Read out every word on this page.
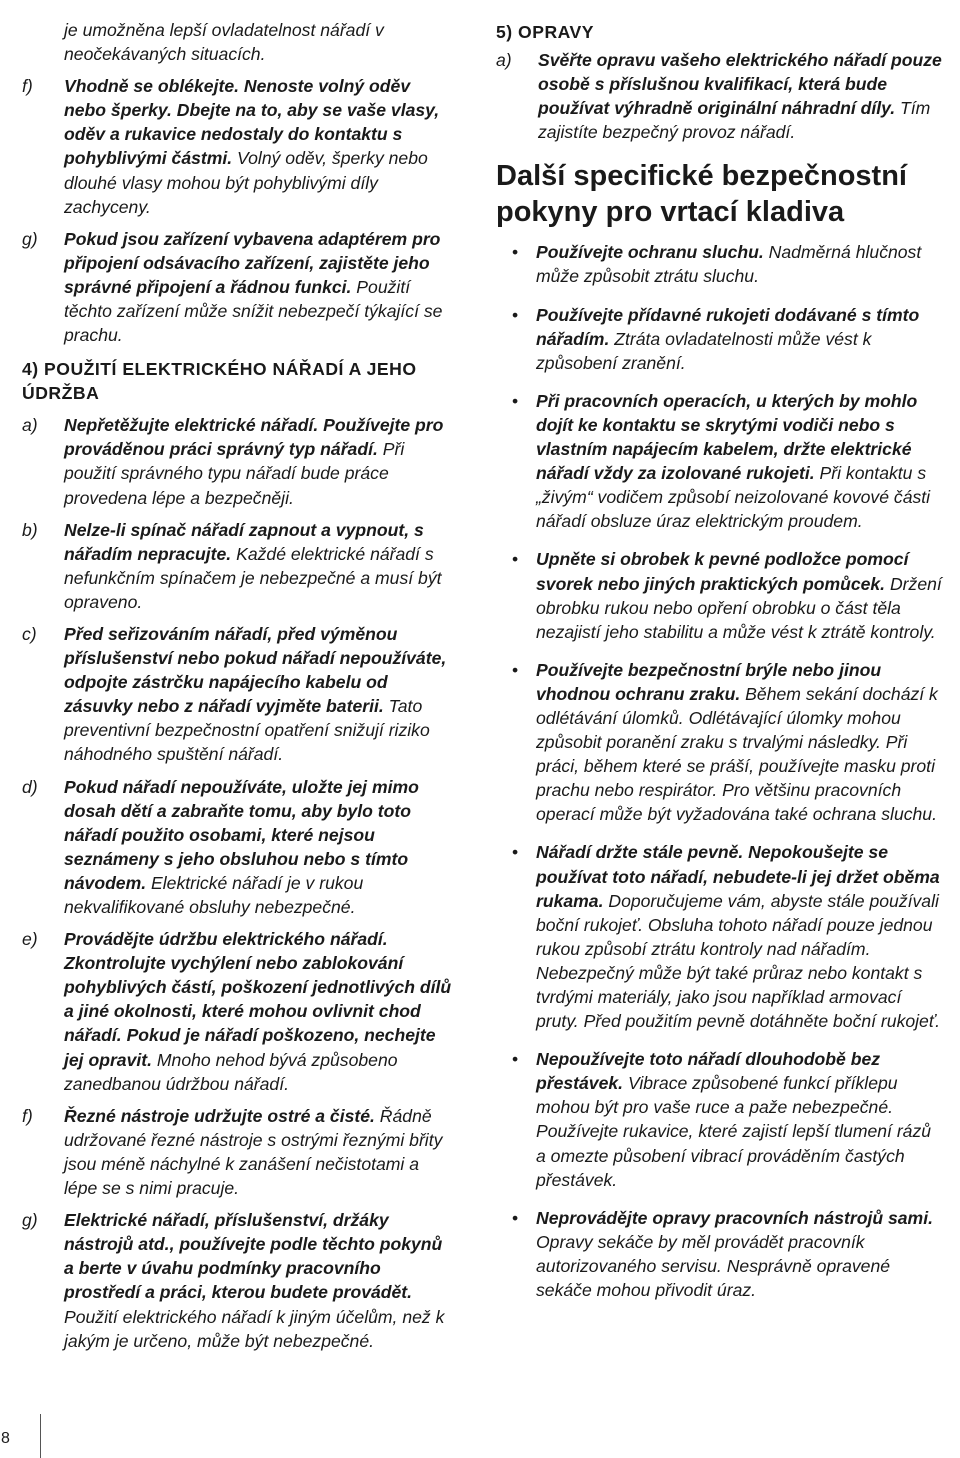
je umožněna lepší ovladatelnost nářadí v neočekávaných situacích.

f) Vhodně se oblékejte. Nenoste volný oděv nebo šperky. Dbejte na to, aby se vaše vlasy, oděv a rukavice nedostaly do kontaktu s pohyblivými částmi. Volný oděv, šperky nebo dlouhé vlasy mohou být pohyblivými díly zachyceny.

g) Pokud jsou zařízení vybavena adaptérem pro připojení odsávacího zařízení, zajistěte jeho správné připojení a řádnou funkci. Použití těchto zařízení může snížit nebezpečí týkající se prachu.

4) POUŽITÍ ELEKTRICKÉHO NÁŘADÍ A JEHO ÚDRŽBA

a) Nepřetěžujte elektrické nářadí. Používejte pro prováděnou práci správný typ nářadí. Při použití správného typu nářadí bude práce provedena lépe a bezpečněji.

b) Nelze-li spínač nářadí zapnout a vypnout, s nářadím nepracujte. Každé elektrické nářadí s nefunkčním spínačem je nebezpečné a musí být opraveno.

c) Před seřizováním nářadí, před výměnou příslušenství nebo pokud nářadí nepoužíváte, odpojte zástrčku napájecího kabelu od zásuvky nebo z nářadí vyjměte baterii. Tato preventivní bezpečnostní opatření snižují riziko náhodného spuštění nářadí.

d) Pokud nářadí nepoužíváte, uložte jej mimo dosah dětí a zabraňte tomu, aby bylo toto nářadí použito osobami, které nejsou seznámeny s jeho obsluhou nebo s tímto návodem. Elektrické nářadí je v rukou nekvalifikované obsluhy nebezpečné.

e) Provádějte údržbu elektrického nářadí. Zkontrolujte vychýlení nebo zablokování pohyblivých částí, poškození jednotlivých dílů a jiné okolnosti, které mohou ovlivnit chod nářadí. Pokud je nářadí poškozeno, nechejte jej opravit. Mnoho nehod bývá způsobeno zanedbanou údržbou nářadí.

f) Řezné nástroje udržujte ostré a čisté. Řádně udržované řezné nástroje s ostrými řeznými břity jsou méně náchylné k zanášení nečistotami a lépe se s nimi pracuje.

g) Elektrické nářadí, příslušenství, držáky nástrojů atd., používejte podle těchto pokynů a berte v úvahu podmínky pracovního prostředí a práci, kterou budete provádět. Použití elektrického nářadí k jiným účelům, než k jakým je určeno, může být nebezpečné.

5) OPRAVY

a) Svěřte opravu vašeho elektrického nářadí pouze osobě s příslušnou kvalifikací, která bude používat výhradně originální náhradní díly. Tím zajistíte bezpečný provoz nářadí.

Další specifické bezpečnostní pokyny pro vrtací kladiva
• Používejte ochranu sluchu. Nadměrná hlučnost může způsobit ztrátu sluchu.
• Používejte přídavné rukojeti dodávané s tímto nářadím. Ztráta ovladatelnosti může vést k způsobení zranění.
• Při pracovních operacích, u kterých by mohlo dojít ke kontaktu se skrytými vodiči nebo s vlastním napájecím kabelem, držte elektrické nářadí vždy za izolované rukojeti. Při kontaktu s „živým“ vodičem způsobí neizolované kovové části nářadí obsluze úraz elektrickým proudem.
• Upněte si obrobek k pevné podložce pomocí svorek nebo jiných praktických pomůcek. Držení obrobku rukou nebo opření obrobku o část těla nezajistí jeho stabilitu a může vést k ztrátě kontroly.
• Používejte bezpečnostní brýle nebo jinou vhodnou ochranu zraku. Během sekání dochází k odlétávání úlomků. Odlétávající úlomky mohou způsobit poranění zraku s trvalými následky. Při práci, během které se práší, používejte masku proti prachu nebo respirátor. Pro většinu pracovních operací může být vyžadována také ochrana sluchu.
• Nářadí držte stále pevně. Nepokoušejte se používat toto nářadí, nebudete-li jej držet oběma rukama. Doporučujeme vám, abyste stále používali boční rukojeť. Obsluha tohoto nářadí pouze jednou rukou způsobí ztrátu kontroly nad nářadím. Nebezpečný může být také průraz nebo kontakt s tvrdými materiály, jako jsou například armovací pruty. Před použitím pevně dotáhněte boční rukojeť.
• Nepoužívejte toto nářadí dlouhodobě bez přestávek. Vibrace způsobené funkcí příklepu mohou být pro vaše ruce a paže nebezpečné. Používejte rukavice, které zajistí lepší tlumení rázů a omezte působení vibrací prováděním častých přestávek.
• Neprovádějte opravy pracovních nástrojů sami. Opravy sekáče by měl provádět pracovník autorizovaného servisu. Nesprávně opravené sekáče mohou přivodit úraz.
8
